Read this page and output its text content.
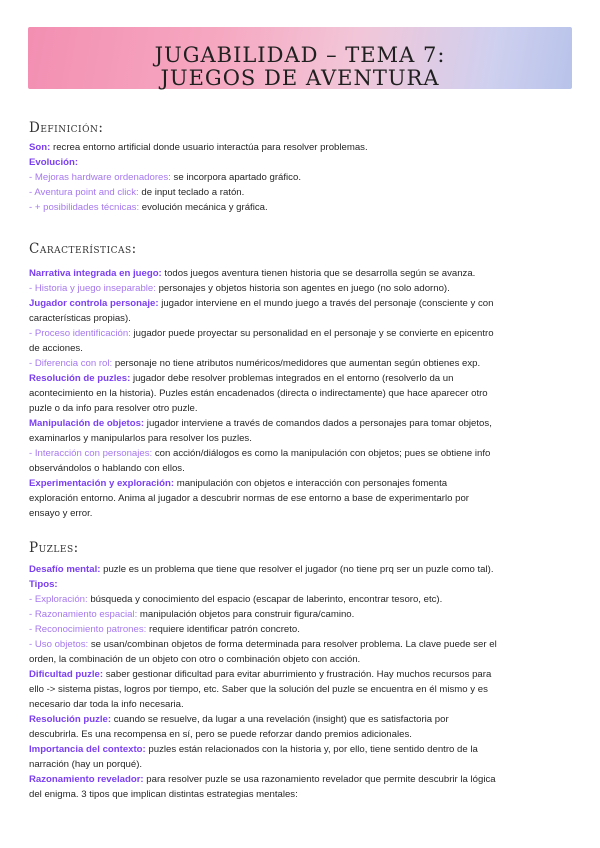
JUGABILIDAD – TEMA 7:
JUEGOS DE AVENTURA
Definición:
Son: recrea entorno artificial donde usuario interactúa para resolver problemas.
Evolución:
- Mejoras hardware ordenadores: se incorpora apartado gráfico.
- Aventura point and click: de input teclado a ratón.
- + posibilidades técnicas: evolución mecánica y gráfica.
Características:
Narrativa integrada en juego: todos juegos aventura tienen historia que se desarrolla según se avanza.
- Historia y juego inseparable: personajes y objetos historia son agentes en juego (no solo adorno).
Jugador controla personaje: jugador interviene en el mundo juego a través del personaje (consciente y con
características propias).
- Proceso identificación: jugador puede proyectar su personalidad en el personaje y se convierte en epicentro
de acciones.
- Diferencia con rol: personaje no tiene atributos numéricos/medidores que aumentan según obtienes exp.
Resolución de puzles: jugador debe resolver problemas integrados en el entorno (resolverlo da un
acontecimiento en la historia). Puzles están encadenados (directa o indirectamente) que hace aparecer otro
puzle o da info para resolver otro puzle.
Manipulación de objetos: jugador interviene a través de comandos dados a personajes para tomar objetos,
examinarlos y manipularlos para resolver los puzles.
- Interacción con personajes: con acción/diálogos es como la manipulación con objetos; pues se obtiene info
observándolos o hablando con ellos.
Experimentación y exploración: manipulación con objetos e interacción con personajes fomenta
exploración entorno. Anima al jugador a descubrir normas de ese entorno a base de experimentarlo por
ensayo y error.
Puzles:
Desafío mental: puzle es un problema que tiene que resolver el jugador (no tiene prq ser un puzle como tal).
Tipos:
- Exploración: búsqueda y conocimiento del espacio (escapar de laberinto, encontrar tesoro, etc).
- Razonamiento espacial: manipulación objetos para construir figura/camino.
- Reconocimiento patrones: requiere identificar patrón concreto.
- Uso objetos: se usan/combinan objetos de forma determinada para resolver problema. La clave puede ser el
orden, la combinación de un objeto con otro o combinación objeto con acción.
Dificultad puzle: saber gestionar dificultad para evitar aburrimiento y frustración. Hay muchos recursos para
ello -> sistema pistas, logros por tiempo, etc. Saber que la solución del puzle se encuentra en él mismo y es
necesario dar toda la info necesaria.
Resolución puzle: cuando se resuelve, da lugar a una revelación (insight) que es satisfactoria por
descubrirla. Es una recompensa en sí, pero se puede reforzar dando premios adicionales.
Importancia del contexto: puzles están relacionados con la historia y, por ello, tiene sentido dentro de la
narración (hay un porqué).
Razonamiento revelador: para resolver puzle se usa razonamiento revelador que permite descubrir la lógica
del enigma. 3 tipos que implican distintas estrategias mentales:
